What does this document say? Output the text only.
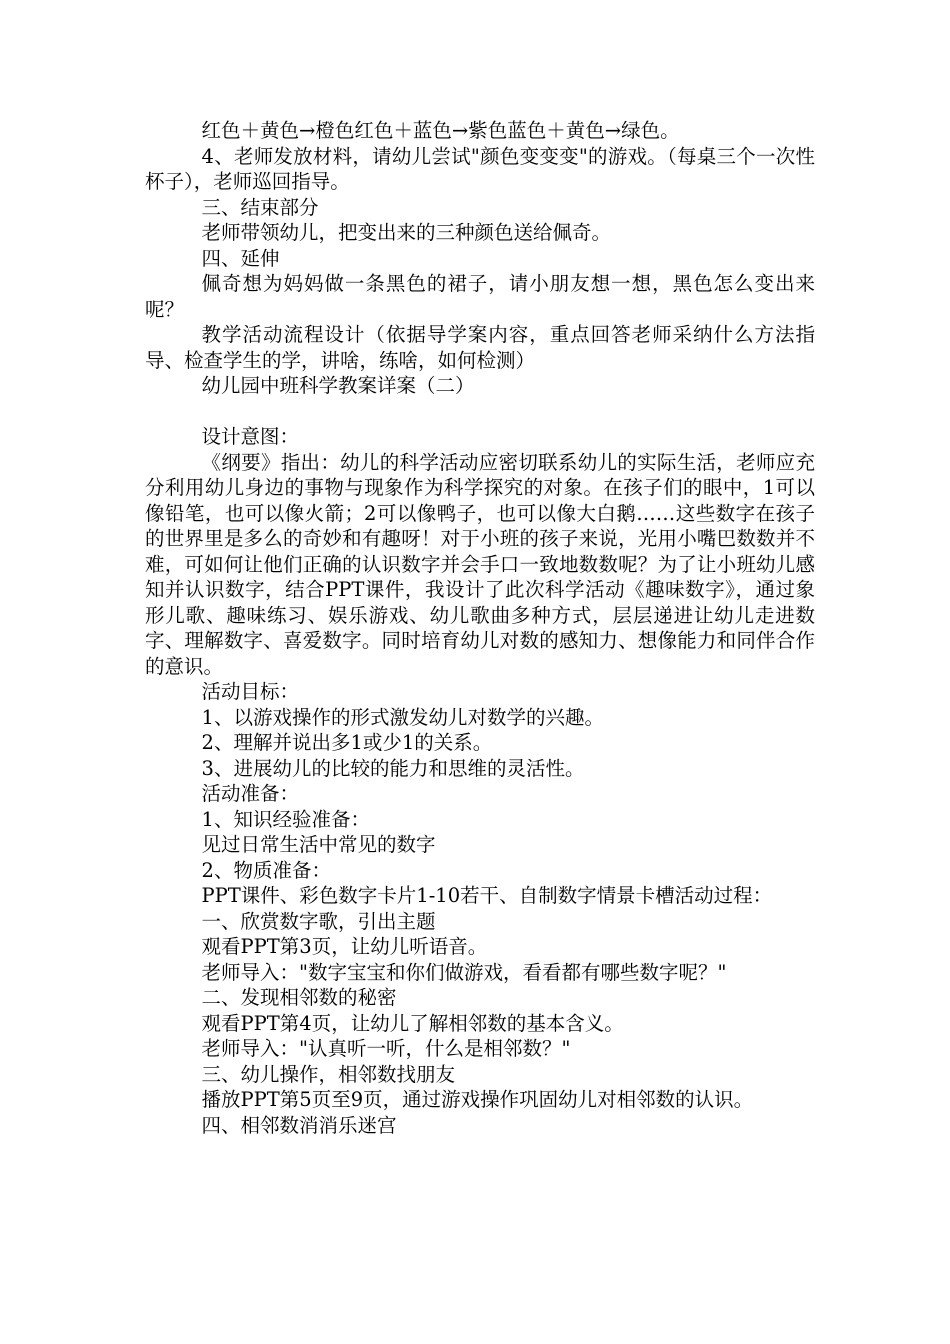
红色＋黄色→橙色红色＋蓝色→紫色蓝色＋黄色→绿色。

4、老师发放材料，请幼儿尝试"颜色变变变"的游戏。（每桌三个一次性杯子），老师巡回指导。

三、结束部分

老师带领幼儿，把变出来的三种颜色送给佩奇。

四、延伸

佩奇想为妈妈做一条黑色的裙子，请小朋友想一想，黑色怎么变出来呢？

教学活动流程设计（依据导学案内容，重点回答老师采纳什么方法指导、检查学生的学，讲啥，练啥，如何检测）

幼儿园中班科学教案详案（二）

设计意图：

《纲要》指出：幼儿的科学活动应密切联系幼儿的实际生活，老师应充分利用幼儿身边的事物与现象作为科学探究的对象。在孩子们的眼中，1可以像铅笔，也可以像火箭；2可以像鸭子，也可以像大白鹅……这些数字在孩子的世界里是多么的奇妙和有趣呀！对于小班的孩子来说，光用小嘴巴数数并不难，可如何让他们正确的认识数字并会手口一致地数数呢？为了让小班幼儿感知并认识数字，结合PPT课件，我设计了此次科学活动《趣味数字》，通过象形儿歌、趣味练习、娱乐游戏、幼儿歌曲多种方式，层层递进让幼儿走进数字、理解数字、喜爱数字。同时培育幼儿对数的感知力、想像能力和同伴合作的意识。

活动目标：

1、以游戏操作的形式激发幼儿对数学的兴趣。

2、理解并说出多1或少1的关系。

3、进展幼儿的比较的能力和思维的灵活性。

活动准备：

1、知识经验准备：

见过日常生活中常见的数字

2、物质准备：

PPT课件、彩色数字卡片1-10若干、自制数字情景卡槽活动过程：

一、欣赏数字歌，引出主题

观看PPT第3页，让幼儿听语音。

老师导入："数字宝宝和你们做游戏，看看都有哪些数字呢？"

二、发现相邻数的秘密

观看PPT第4页，让幼儿了解相邻数的基本含义。

老师导入："认真听一听，什么是相邻数？"

三、幼儿操作，相邻数找朋友

播放PPT第5页至9页，通过游戏操作巩固幼儿对相邻数的认识。

四、相邻数消消乐迷宫
